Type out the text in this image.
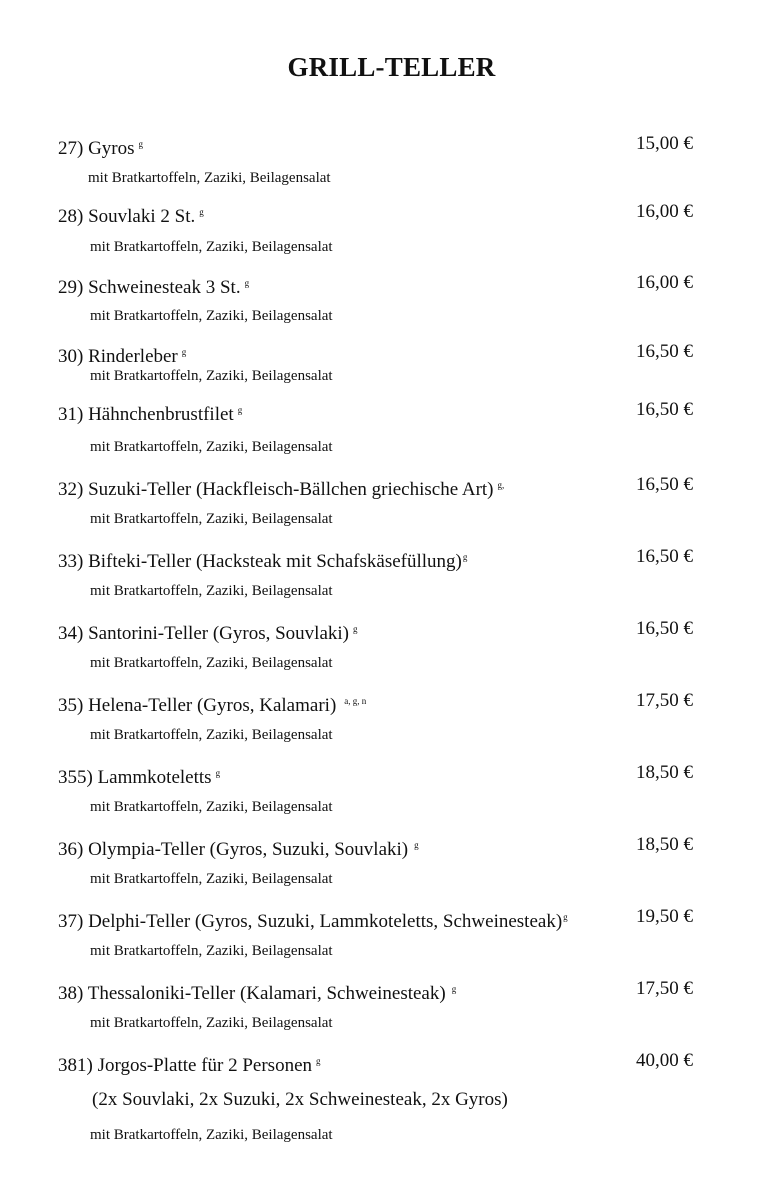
GRILL-TELLER
27) Gyros $^g$	15,00 €
mit Bratkartoffeln, Zaziki, Beilagensalat
28) Souvlaki 2 St. $^g$	16,00 €
mit Bratkartoffeln, Zaziki, Beilagensalat
29) Schweinesteak 3 St. $^g$	16,00 €
mit Bratkartoffeln, Zaziki, Beilagensalat
30) Rinderleber $^g$	16,50 €
mit Bratkartoffeln, Zaziki, Beilagensalat
31) Hähnchenbrustfilet $^g$	16,50 €
mit Bratkartoffeln, Zaziki, Beilagensalat
32) Suzuki-Teller (Hackfleisch-Bällchen griechische Art) $^{g,}$	16,50 €
mit Bratkartoffeln, Zaziki, Beilagensalat
33) Bifteki-Teller (Hacksteak mit Schafskäsefüllung)$^g$	16,50 €
mit Bratkartoffeln, Zaziki, Beilagensalat
34) Santorini-Teller (Gyros, Souvlaki) $^g$	16,50 €
mit Bratkartoffeln, Zaziki, Beilagensalat
35) Helena-Teller (Gyros, Kalamari) $^{a, g, n}$	17,50 €
mit Bratkartoffeln, Zaziki, Beilagensalat
355) Lammkoteletts $^g$	18,50 €
mit Bratkartoffeln, Zaziki, Beilagensalat
36) Olympia-Teller (Gyros, Suzuki, Souvlaki) $^g$	18,50 €
mit Bratkartoffeln, Zaziki, Beilagensalat
37) Delphi-Teller (Gyros, Suzuki, Lammkoteletts, Schweinesteak)$^g$	19,50 €
mit Bratkartoffeln, Zaziki, Beilagensalat
38) Thessaloniki-Teller (Kalamari, Schweinesteak) $^g$	17,50 €
mit Bratkartoffeln, Zaziki, Beilagensalat
381) Jorgos-Platte für 2 Personen $^g$	40,00 €
(2x Souvlaki, 2x Suzuki, 2x Schweinesteak, 2x Gyros)
mit Bratkartoffeln, Zaziki, Beilagensalat
